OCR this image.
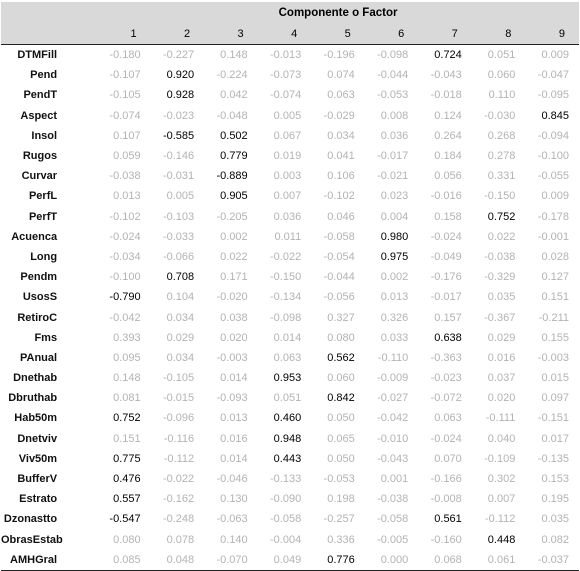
	Componente o Factor								
	1	2	3	4	5	6	7	8	9
DTMFill	-0.180	-0.227	0.148	-0.013	-0.196	-0.098	0.724	0.051	0.009
Pend	-0.107	0.920	-0.224	-0.073	0.074	-0.044	-0.043	0.060	-0.047
PendT	-0.105	0.928	0.042	-0.074	0.063	-0.053	-0.018	0.110	-0.095
Aspect	-0.074	-0.023	-0.048	0.005	-0.029	0.008	0.124	-0.030	0.845
Insol	0.107	-0.585	0.502	0.067	0.034	0.036	0.264	0.268	-0.094
Rugos	0.059	-0.146	0.779	0.019	0.041	-0.017	0.184	0.278	-0.100
Curvar	-0.038	-0.031	-0.889	0.003	0.106	-0.021	0.056	0.331	-0.055
PerfL	0.013	0.005	0.905	0.007	-0.102	0.023	-0.016	-0.150	0.009
PerfT	-0.102	-0.103	-0.205	0.036	0.046	0.004	0.158	0.752	-0.178
Acuenca	-0.024	-0.033	0.002	0.011	-0.058	0.980	-0.024	0.022	-0.001
Long	-0.034	-0.066	0.022	-0.022	-0.054	0.975	-0.049	-0.038	0.028
Pendm	-0.100	0.708	0.171	-0.150	-0.044	0.002	-0.176	-0.329	0.127
UsosS	-0.790	0.104	-0.020	-0.134	-0.056	0.013	-0.017	0.035	0.151
RetiroC	-0.042	0.034	0.038	-0.098	0.327	0.326	0.157	-0.367	-0.211
Fms	0.393	0.029	0.020	0.014	0.080	0.033	0.638	0.029	0.155
PAnual	0.095	0.034	-0.003	0.063	0.562	-0.110	-0.363	0.016	-0.003
Dnethab	0.148	-0.105	0.014	0.953	0.060	-0.009	-0.023	0.037	0.015
Dbruthab	0.081	-0.015	-0.093	0.051	0.842	-0.027	-0.072	0.020	0.097
Hab50m	0.752	-0.096	0.013	0.460	0.050	-0.042	0.063	-0.111	-0.151
Dnetviv	0.151	-0.116	0.016	0.948	0.065	-0.010	-0.024	0.040	0.017
Viv50m	0.775	-0.112	0.014	0.443	0.050	-0.043	0.070	-0.109	-0.135
BufferV	0.476	-0.022	-0.046	-0.133	-0.053	0.001	-0.166	0.302	0.153
Estrato	0.557	-0.162	0.130	-0.090	0.198	-0.038	-0.008	0.007	0.195
Dzonastto	-0.547	-0.248	-0.063	-0.058	-0.257	-0.058	0.561	-0.112	0.035
ObrasEstab	0.080	0.078	0.140	-0.004	0.336	-0.005	-0.160	0.448	0.082
AMHGral	0.085	0.048	-0.070	0.049	0.776	0.000	0.068	0.061	-0.037
